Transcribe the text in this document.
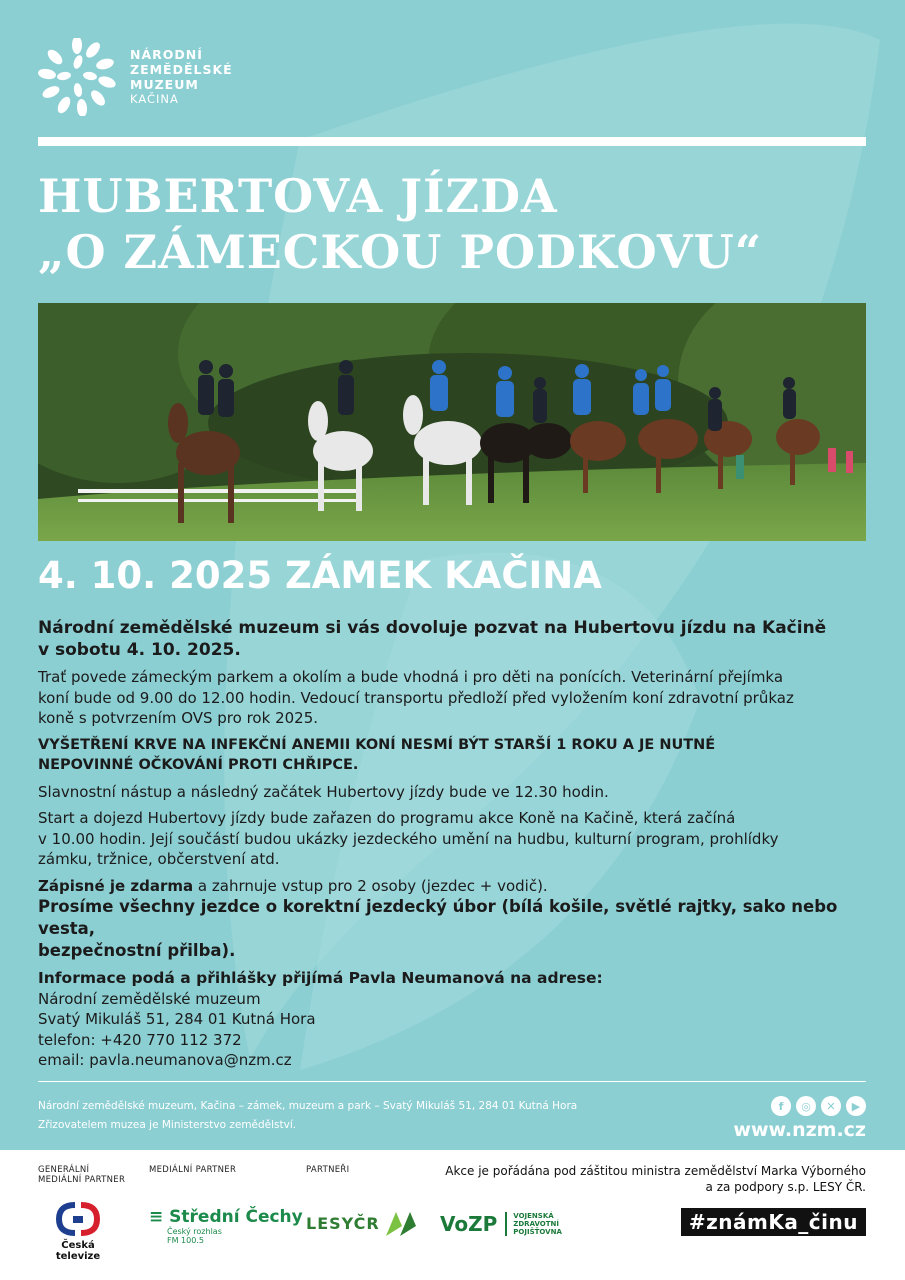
NÁRODNÍ
ZEMĚDĚLSKÉ
MUZEUM
KAČINA
HUBERTOVA JÍZDA
„O ZÁMECKOU PODKOVU“
4. 10. 2025 ZÁMEK KAČINA
Národní zemědělské muzeum si vás dovoluje pozvat na Hubertovu jízdu na Kačině
v sobotu 4. 10. 2025.
Trať povede zámeckým parkem a okolím a bude vhodná i pro děti na ponících. Veterinární přejímka
koní bude od 9.00 do 12.00 hodin. Vedoucí transportu předloží před vyložením koní zdravotní průkaz
koně s potvrzením OVS pro rok 2025.
VYŠETŘENÍ KRVE NA INFEKČNÍ ANEMII KONÍ NESMÍ BÝT STARŠÍ 1 ROKU A JE NUTNÉ
NEPOVINNÉ OČKOVÁNÍ PROTI CHŘIPCE.
Slavnostní nástup a následný začátek Hubertovy jízdy bude ve 12.30 hodin.
Start a dojezd Hubertovy jízdy bude zařazen do programu akce Koně na Kačině, která začíná
v 10.00 hodin. Její součástí budou ukázky jezdeckého umění na hudbu, kulturní program, prohlídky
zámku, tržnice, občerstvení atd.
Zápisné je zdarma a zahrnuje vstup pro 2 osoby (jezdec + vodič).
Prosíme všechny jezdce o korektní jezdecký úbor (bílá košile, světlé rajtky, sako nebo vesta,
bezpečnostní přilba).
Informace podá a přihlášky přijímá Pavla Neumanová na adrese:
Národní zemědělské muzeum
Svatý Mikuláš 51, 284 01 Kutná Hora
telefon: +420 770 112 372
email: pavla.neumanova@nzm.cz
Národní zemědělské muzeum, Kačina – zámek, muzeum a park – Svatý Mikuláš 51, 284 01 Kutná Hora
Zřizovatelem muzea je Ministerstvo zemědělství.
f	◎	✕	▶
www.nzm.cz
GENERÁLNÍ
MEDIÁLNÍ PARTNER
MEDIÁLNÍ PARTNER	PARTNEŘI
Česká televize
≡ Střední Čechy
Český rozhlas
FM 100.5
LESYČR	VoZP VOJENSKÁ
ZDRAVOTNÍ
POJIŠŤOVNA
Akce je pořádána pod záštitou ministra zemědělství Marka Výborného
a za podpory s.p. LESY ČR.
#známKa_činu
